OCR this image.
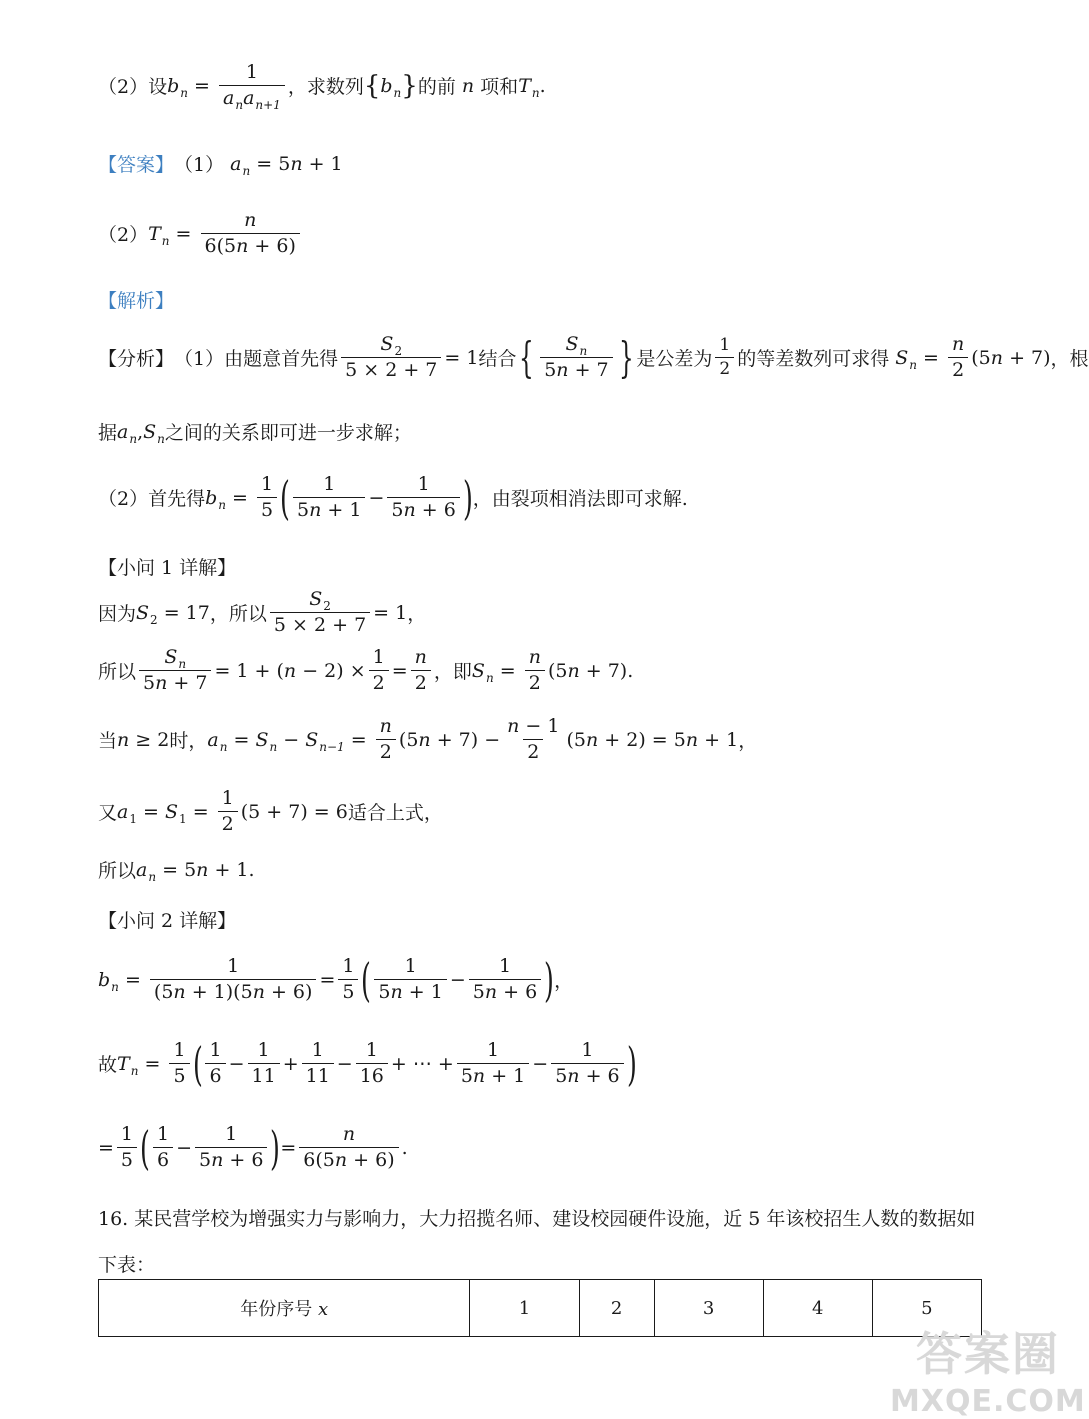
（2）设 b $n = \frac{1}{a_na_{n+1}}$ ，求数列 { b n } 的前 n 项和 T n .
【答案】 （1） a n = 5 n + 1
（2） T $n = \frac{n}{6(5n + 6)}$
【解析】
【分析】 （1）由题意首先得 $\frac{S_2}{5 \times 2 + 7} = 1$ 结合 { $\frac{S_n}{5n + 7}$ } 是公差为 $\frac{1}{2}$ 的等差数列可求得 S $n = \frac{n}{2} (5n + 7)$ ，根
据 a n , S n 之间的关系即可进一步求解；
（2）首先得 b $n = \frac{1}{5}$ ( $\frac{1}{5n + 1} - \frac{1}{5n + 6}$ ) ，由裂项相消法即可求解.
【小问 1 详解】
因为 S 2 = 17 ，所以 $\frac{S_2}{5 \times 2 + 7} = 1$ ，
所以 $\frac{S_n}{5n + 7} = 1 + (n - 2) \times \frac{1}{2} = \frac{n}{2}$ ，即 S $n = \frac{n}{2} (5n + 7)$ .
当 n ≥ 2 时， a n = S n − S $n-1 = \frac{n}{2} (5n + 7) - \frac{n - 1}{2} (5n + 2) = 5n + 1$ ，
又 a 1 = S $1 = \frac{1}{2} (5 + 7) = 6$ 适合上式，
所以 a n = 5 n + 1 .
【小问 2 详解】
b $n = \frac{1}{(5n + 1)(5n + 6)} = \frac{1}{5}$ ( $\frac{1}{5n + 1} - \frac{1}{5n + 6}$ ) ，
故 T $n = \frac{1}{5}$ ( $\frac{1}{6} - \frac{1}{11} + \frac{1}{11} - \frac{1}{16}$ + ⋯ + $\frac{1}{5n + 1} - \frac{1}{5n + 6}$ )
= $\frac{1}{5}$ ( $\frac{1}{6} - \frac{1}{5n + 6}$ ) = $\frac{n}{6(5n + 6)}$ .
16. 某民营学校为增强实力与影响力，大力招揽名师、建设校园硬件设施，近 5 年该校招生人数的数据如
下表：
年份序号 x	1	2	3	4	5
答案圈
MXQE.COM
